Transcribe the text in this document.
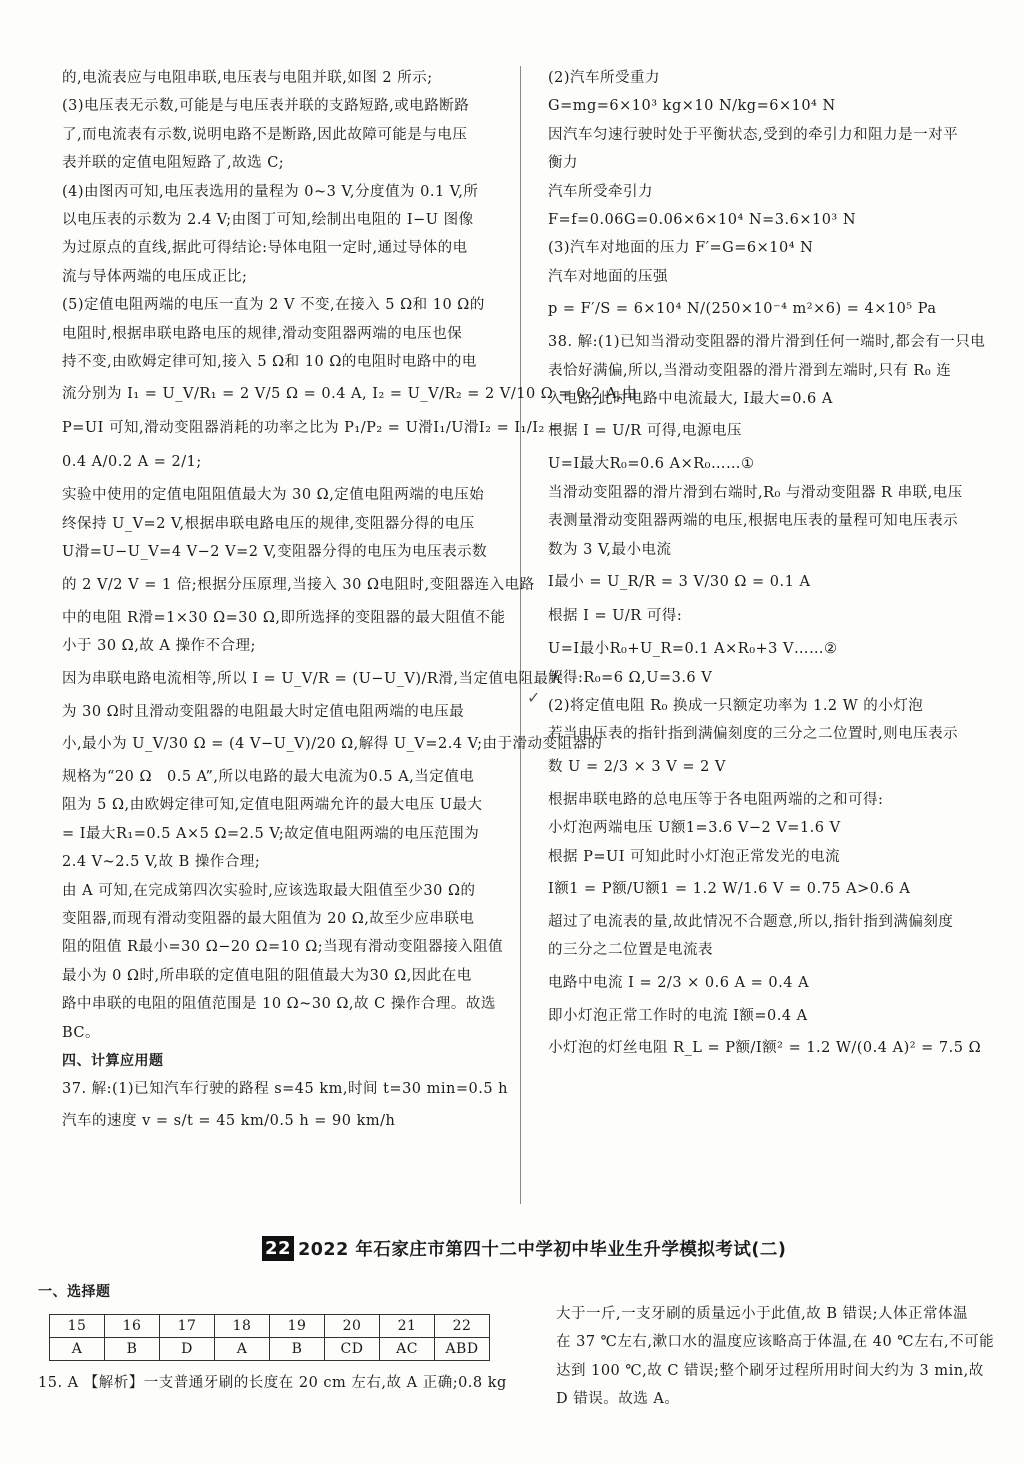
的,电流表应与电阻串联,电压表与电阻并联,如图 2 所示;

(3)电压表无示数,可能是与电压表并联的支路短路,或电路断路

了,而电流表有示数,说明电路不是断路,因此故障可能是与电压

表并联的定值电阻短路了,故选 C;

(4)由图丙可知,电压表选用的量程为 0~3 V,分度值为 0.1 V,所

以电压表的示数为 2.4 V;由图丁可知,绘制出电阻的 I−U 图像

为过原点的直线,据此可得结论:导体电阻一定时,通过导体的电

流与导体两端的电压成正比;

(5)定值电阻两端的电压一直为 2 V 不变,在接入 5 Ω和 10 Ω的

电阻时,根据串联电路电压的规律,滑动变阻器两端的电压也保

持不变,由欧姆定律可知,接入 5 Ω和 10 Ω的电阻时电路中的电

流分别为 I₁ = U_V/R₁ = 2 V/5 Ω = 0.4 A, I₂ = U_V/R₂ = 2 V/10 Ω = 0.2 A,由

P=UI 可知,滑动变阻器消耗的功率之比为 P₁/P₂ = U滑I₁/U滑I₂ = I₁/I₂ =

0.4 A/0.2 A = 2/1;

实验中使用的定值电阻阻值最大为 30 Ω,定值电阻两端的电压始

终保持 U_V=2 V,根据串联电路电压的规律,变阻器分得的电压

U滑=U−U_V=4 V−2 V=2 V,变阻器分得的电压为电压表示数

的 2 V/2 V = 1 倍;根据分压原理,当接入 30 Ω电阻时,变阻器连入电路

中的电阻 R滑=1×30 Ω=30 Ω,即所选择的变阻器的最大阻值不能

小于 30 Ω,故 A 操作不合理;

因为串联电路电流相等,所以 I = U_V/R = (U−U_V)/R滑,当定值电阻最大

为 30 Ω时且滑动变阻器的电阻最大时定值电阻两端的电压最

小,最小为 U_V/30 Ω = (4 V−U_V)/20 Ω,解得 U_V=2.4 V;由于滑动变阻器的

规格为“20 Ω　0.5 A”,所以电路的最大电流为0.5 A,当定值电

阻为 5 Ω,由欧姆定律可知,定值电阻两端允许的最大电压 U最大

= I最大R₁=0.5 A×5 Ω=2.5 V;故定值电阻两端的电压范围为

2.4 V~2.5 V,故 B 操作合理;

由 A 可知,在完成第四次实验时,应该选取最大阻值至少30 Ω的

变阻器,而现有滑动变阻器的最大阻值为 20 Ω,故至少应串联电

阻的阻值 R最小=30 Ω−20 Ω=10 Ω;当现有滑动变阻器接入阻值

最小为 0 Ω时,所串联的定值电阻的阻值最大为30 Ω,因此在电

路中串联的电阻的阻值范围是 10 Ω~30 Ω,故 C 操作合理。故选

BC。

四、计算应用题

37. 解:(1)已知汽车行驶的路程 s=45 km,时间 t=30 min=0.5 h

汽车的速度 v = s/t = 45 km/0.5 h = 90 km/h

(2)汽车所受重力

G=mg=6×10³ kg×10 N/kg=6×10⁴ N

因汽车匀速行驶时处于平衡状态,受到的牵引力和阻力是一对平

衡力

汽车所受牵引力

F=f=0.06G=0.06×6×10⁴ N=3.6×10³ N

(3)汽车对地面的压力 F′=G=6×10⁴ N

汽车对地面的压强

p = F′/S = 6×10⁴ N/(250×10⁻⁴ m²×6) = 4×10⁵ Pa

38. 解:(1)已知当滑动变阻器的滑片滑到任何一端时,都会有一只电

表恰好满偏,所以,当滑动变阻器的滑片滑到左端时,只有 R₀ 连

入电路,此时电路中电流最大, I最大=0.6 A

根据 I = U/R 可得,电源电压

U=I最大R₀=0.6 A×R₀……①

当滑动变阻器的滑片滑到右端时,R₀ 与滑动变阻器 R 串联,电压

表测量滑动变阻器两端的电压,根据电压表的量程可知电压表示

数为 3 V,最小电流

I最小 = U_R/R = 3 V/30 Ω = 0.1 A

根据 I = U/R 可得:

U=I最小R₀+U_R=0.1 A×R₀+3 V……②

解得:R₀=6 Ω,U=3.6 V

(2)将定值电阻 R₀ 换成一只额定功率为 1.2 W 的小灯泡

若当电压表的指针指到满偏刻度的三分之二位置时,则电压表示

数 U = 2/3 × 3 V = 2 V

根据串联电路的总电压等于各电阻两端的之和可得:

小灯泡两端电压 U额1=3.6 V−2 V=1.6 V

根据 P=UI 可知此时小灯泡正常发光的电流

I额1 = P额/U额1 = 1.2 W/1.6 V = 0.75 A>0.6 A

超过了电流表的量,故此情况不合题意,所以,指针指到满偏刻度

的三分之二位置是电流表

电路中电流 I = 2/3 × 0.6 A = 0.4 A

即小灯泡正常工作时的电流 I额=0.4 A

小灯泡的灯丝电阻 R_L = P额/I额² = 1.2 W/(0.4 A)² = 7.5 Ω

✓
22 2022 年石家庄市第四十二中学初中毕业生升学模拟考试(二)

一、选择题

15	16	17	18	19	20	21	22
A	B	D	A	B	CD	AC	ABD

15. A 【解析】一支普通牙刷的长度在 20 cm 左右,故 A 正确;0.8 kg

大于一斤,一支牙刷的质量远小于此值,故 B 错误;人体正常体温

在 37 ℃左右,漱口水的温度应该略高于体温,在 40 ℃左右,不可能

达到 100 ℃,故 C 错误;整个刷牙过程所用时间大约为 3 min,故

D 错误。故选 A。
